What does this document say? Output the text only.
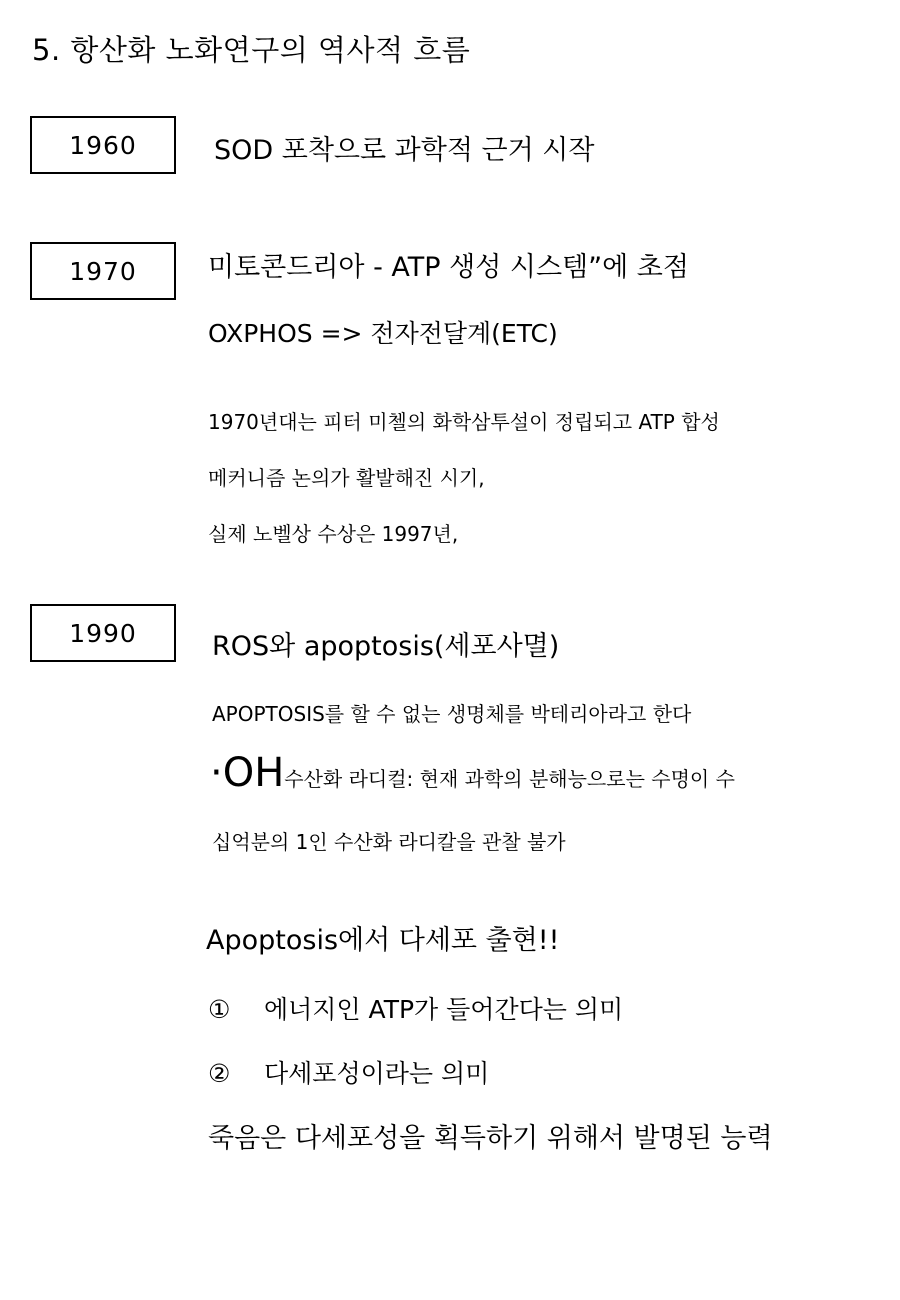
5. 항산화 노화연구의 역사적 흐름
1960	SOD 포착으로 과학적 근거 시작
1970	미토콘드리아 - ATP 생성 시스템”에 초점
OXPHOS => 전자전달계(ETC)
1970년대는 피터 미첼의 화학삼투설이 정립되고 ATP 합성
메커니즘 논의가 활발해진 시기,
실제 노벨상 수상은 1997년,
1990	ROS와 apoptosis(세포사멸)
APOPTOSIS를 할 수 없는 생명체를 박테리아라고 한다
·OH 수산화 라디컬: 현재 과학의 분해능으로는 수명이 수
십억분의 1인 수산화 라디칼을 관찰 불가
Apoptosis에서 다세포 출현!!
① 에너지인 ATP가 들어간다는 의미
② 다세포성이라는 의미
죽음은 다세포성을 획득하기 위해서 발명된 능력
